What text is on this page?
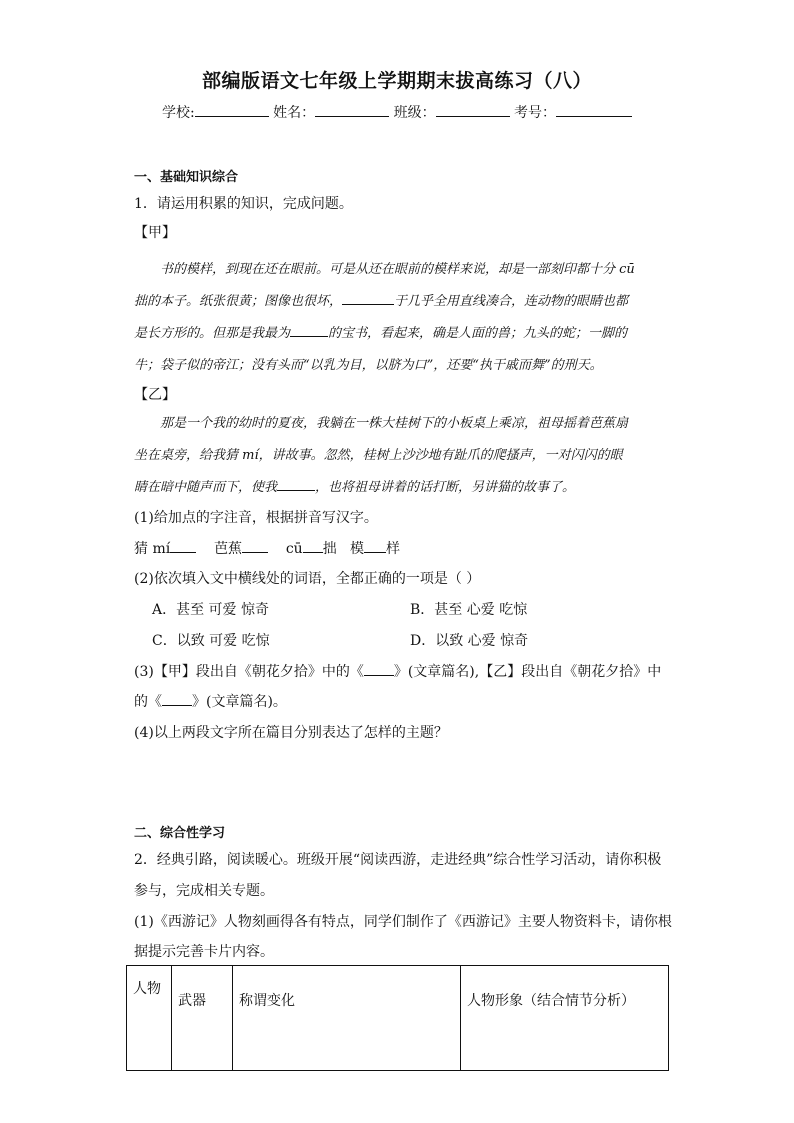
部编版语文七年级上学期期末拔高练习（八）
学校:	姓名：	班级：	考号：
一、基础知识综合
1．请运用积累的知识，完成问题。
【甲】
书的模样，到现在还在眼前。可是从还在眼前的模样来说，却是一部刻印都十分 cū
拙的本子。纸张很黄；图像也很坏，	于几乎全用直线凑合，连动物的眼睛也都
是长方形的。但那是我最为	的宝书，看起来，确是人面的兽；九头的蛇；一脚的
牛；袋子似的帝江；没有头而“以乳为目，以脐为口”，还要“执干戚而舞”的刑天。
【乙】
那是一个我的幼时的夏夜，我躺在一株大桂树下的小板桌上乘凉，祖母摇着芭蕉扇
坐在桌旁，给我猜 mí，讲故事。忽然，桂树上沙沙地有趾爪的爬搔声，一对闪闪的眼
睛在暗中随声而下，使我	，也将祖母讲着的话打断，另讲猫的故事了。
(1)给加点的字注音，根据拼音写汉字。
猜 mí	芭蕉	cū 拙 模 样
(2)依次填入文中横线处的词语，全都正确的一项是（ ）
A．甚至 可爱 惊奇	B．甚至 心爱 吃惊
C．以致 可爱 吃惊	D．以致 心爱 惊奇
(3)【甲】段出自《朝花夕拾》中的《 》(文章篇名),【乙】段出自《朝花夕拾》中
的《 》(文章篇名)。
(4)以上两段文字所在篇目分别表达了怎样的主题？
二、综合性学习
2．经典引路，阅读暖心。班级开展“阅读西游，走进经典”综合性学习活动，请你积极
参与，完成相关专题。
(1)《西游记》人物刻画得各有特点，同学们制作了《西游记》主要人物资料卡，请你根
据提示完善卡片内容。
人物	武器	称谓变化	人物形象（结合情节分析）
